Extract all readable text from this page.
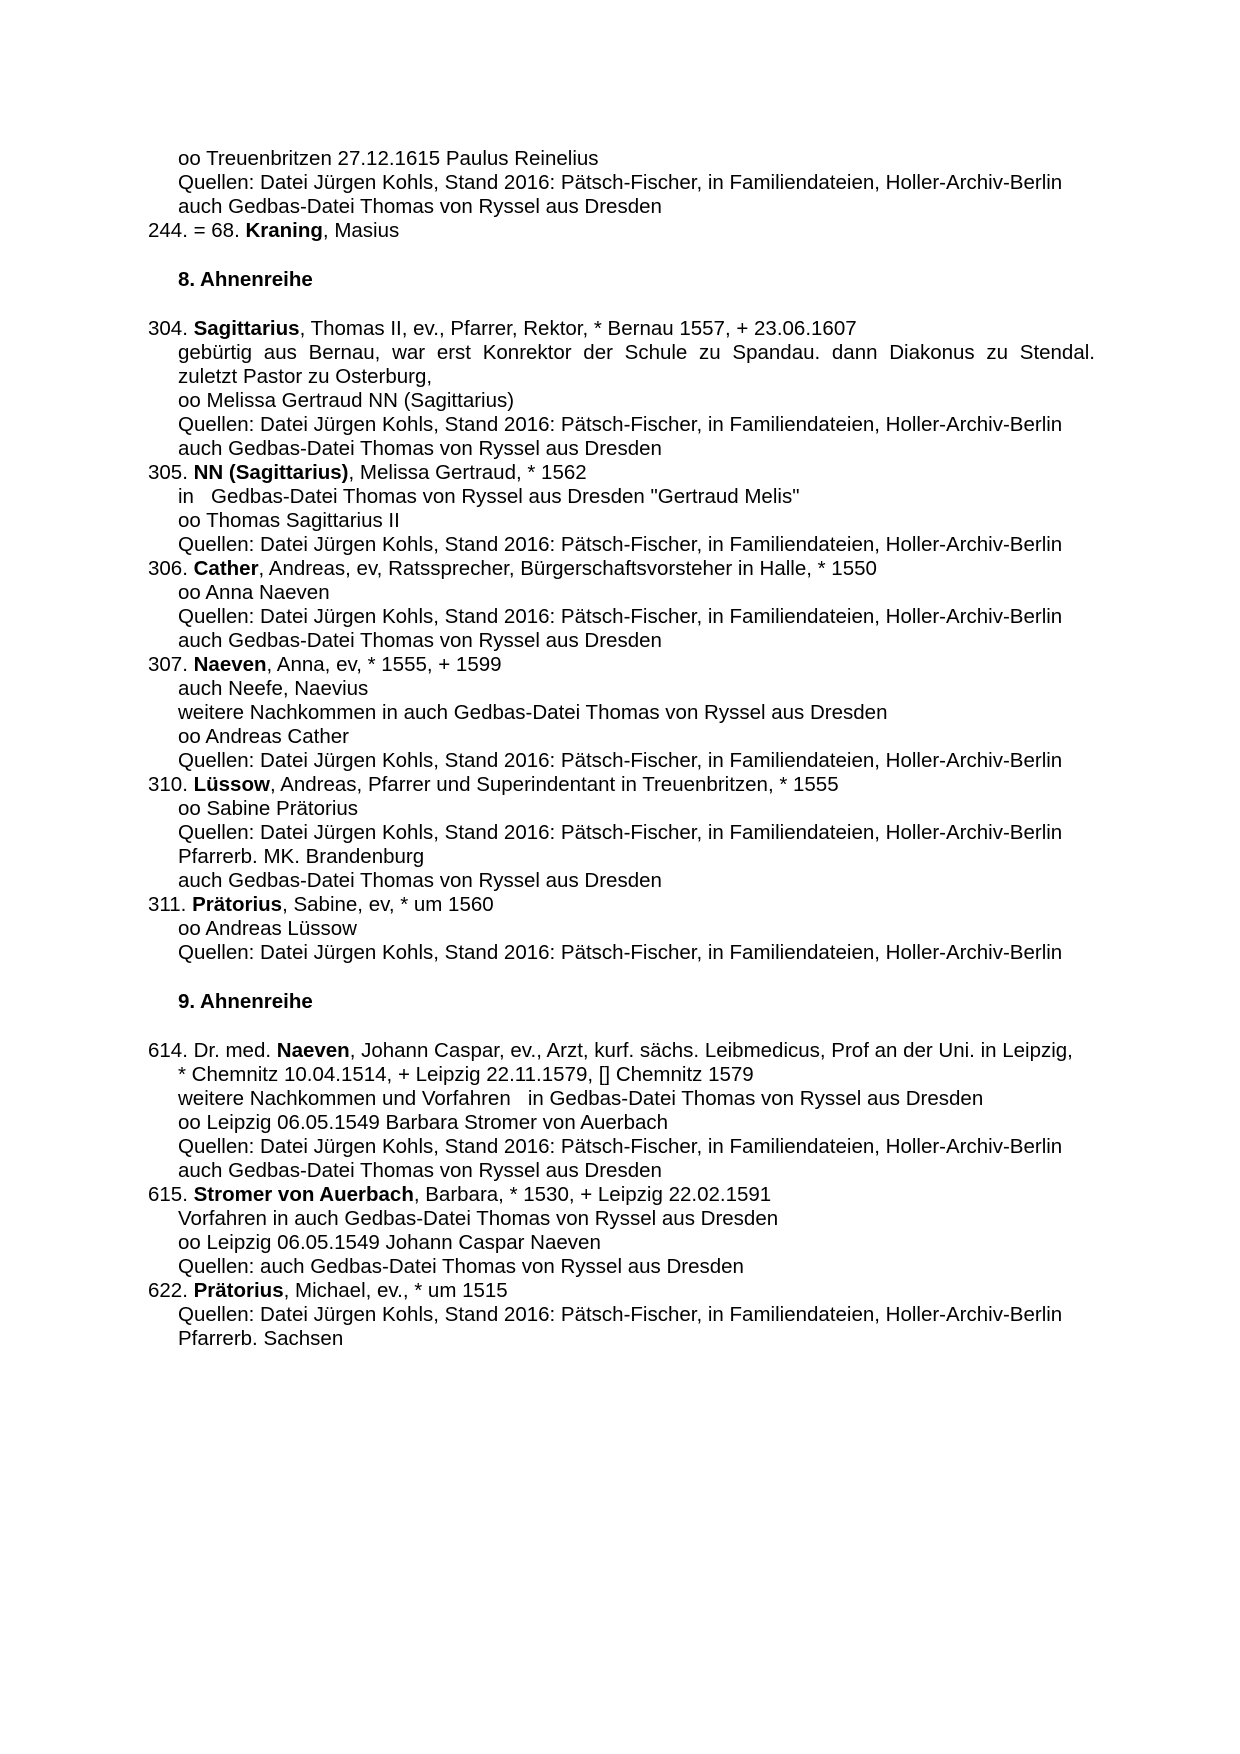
oo Treuenbritzen 27.12.1615 Paulus Reinelius
Quellen: Datei Jürgen Kohls, Stand 2016: Pätsch-Fischer, in Familiendateien, Holler-Archiv-Berlin
auch Gedbas-Datei Thomas von Ryssel aus Dresden
244. = 68. Kraning, Masius
8. Ahnenreihe
304. Sagittarius, Thomas II, ev., Pfarrer, Rektor, * Bernau 1557, + 23.06.1607
gebürtig aus Bernau, war erst Konrektor der Schule zu Spandau. dann Diakonus zu Stendal.
zuletzt Pastor zu Osterburg,
oo Melissa Gertraud NN (Sagittarius)
Quellen: Datei Jürgen Kohls, Stand 2016: Pätsch-Fischer, in Familiendateien, Holler-Archiv-Berlin
auch Gedbas-Datei Thomas von Ryssel aus Dresden
305. NN (Sagittarius), Melissa Gertraud, * 1562
in   Gedbas-Datei Thomas von Ryssel aus Dresden "Gertraud Melis"
oo Thomas Sagittarius II
Quellen: Datei Jürgen Kohls, Stand 2016: Pätsch-Fischer, in Familiendateien, Holler-Archiv-Berlin
306. Cather, Andreas, ev, Ratssprecher, Bürgerschaftsvorsteher in Halle, * 1550
oo Anna Naeven
Quellen: Datei Jürgen Kohls, Stand 2016: Pätsch-Fischer, in Familiendateien, Holler-Archiv-Berlin
auch Gedbas-Datei Thomas von Ryssel aus Dresden
307. Naeven, Anna, ev, * 1555, + 1599
auch Neefe, Naevius
weitere Nachkommen in auch Gedbas-Datei Thomas von Ryssel aus Dresden
oo Andreas Cather
Quellen: Datei Jürgen Kohls, Stand 2016: Pätsch-Fischer, in Familiendateien, Holler-Archiv-Berlin
310. Lüssow, Andreas, Pfarrer und Superindentant in Treuenbritzen, * 1555
oo Sabine Prätorius
Quellen: Datei Jürgen Kohls, Stand 2016: Pätsch-Fischer, in Familiendateien, Holler-Archiv-Berlin
Pfarrerb. MK. Brandenburg
auch Gedbas-Datei Thomas von Ryssel aus Dresden
311. Prätorius, Sabine, ev, * um 1560
oo Andreas Lüssow
Quellen: Datei Jürgen Kohls, Stand 2016: Pätsch-Fischer, in Familiendateien, Holler-Archiv-Berlin
9. Ahnenreihe
614. Dr. med. Naeven, Johann Caspar, ev., Arzt, kurf. sächs. Leibmedicus, Prof an der Uni. in Leipzig,
* Chemnitz 10.04.1514, + Leipzig 22.11.1579, [] Chemnitz 1579
weitere Nachkommen und Vorfahren   in Gedbas-Datei Thomas von Ryssel aus Dresden
oo Leipzig 06.05.1549 Barbara Stromer von Auerbach
Quellen: Datei Jürgen Kohls, Stand 2016: Pätsch-Fischer, in Familiendateien, Holler-Archiv-Berlin
auch Gedbas-Datei Thomas von Ryssel aus Dresden
615. Stromer von Auerbach, Barbara, * 1530, + Leipzig 22.02.1591
Vorfahren in auch Gedbas-Datei Thomas von Ryssel aus Dresden
oo Leipzig 06.05.1549 Johann Caspar Naeven
Quellen: auch Gedbas-Datei Thomas von Ryssel aus Dresden
622. Prätorius, Michael, ev., * um 1515
Quellen: Datei Jürgen Kohls, Stand 2016: Pätsch-Fischer, in Familiendateien, Holler-Archiv-Berlin
Pfarrerb. Sachsen
